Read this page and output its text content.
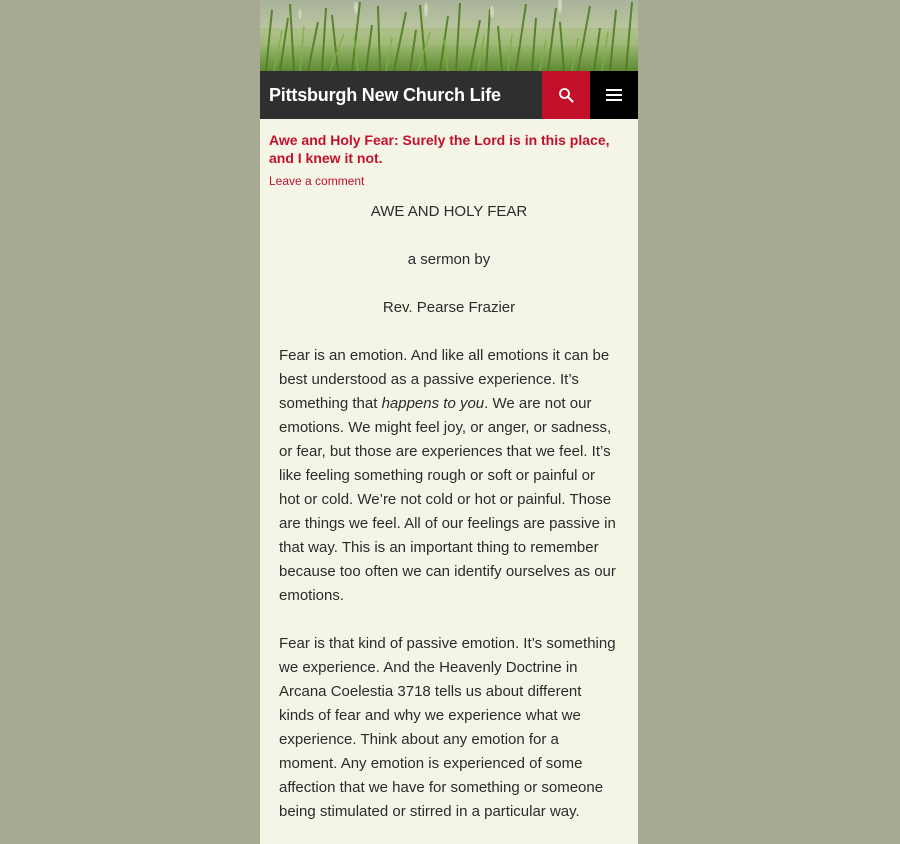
Pittsburgh New Church Life
Awe and Holy Fear: Surely the Lord is in this place, and I knew it not.
Leave a comment

AWE AND HOLY FEAR

a sermon by

Rev. Pearse Frazier

Fear is an emotion. And like all emotions it can be best understood as a passive experience. It’s something that happens to you. We are not our emotions. We might feel joy, or anger, or sadness, or fear, but those are experiences that we feel. It’s like feeling something rough or soft or painful or hot or cold. We’re not cold or hot or painful. Those are things we feel. All of our feelings are passive in that way. This is an important thing to remember because too often we can identify ourselves as our emotions.

Fear is that kind of passive emotion. It’s something we experience. And the Heavenly Doctrine in Arcana Coelestia 3718 tells us about different kinds of fear and why we experience what we experience. Think about any emotion for a moment. Any emotion is experienced of some affection that we have for something or someone being stimulated or stirred in a particular way.
